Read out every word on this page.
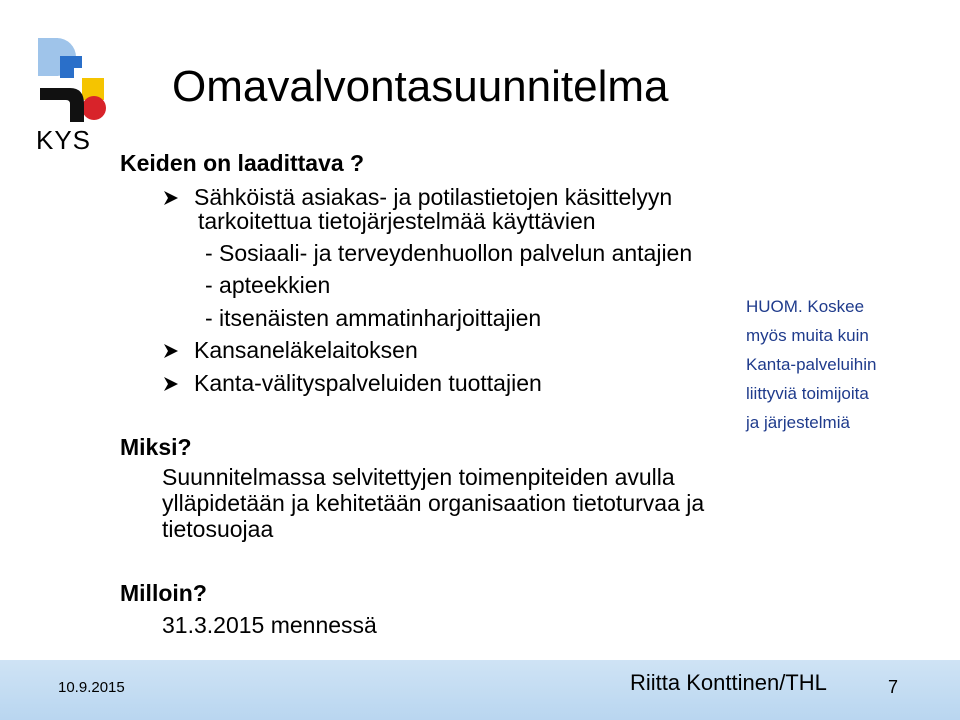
KYS
Omavalvontasuunnitelma
Keiden on laadittava ?
Sähköistä asiakas- ja potilastietojen käsittelyyn
tarkoitettua tietojärjestelmää käyttävien
- Sosiaali- ja terveydenhuollon palvelun antajien
- apteekkien
- itsenäisten ammatinharjoittajien
Kansaneläkelaitoksen
Kanta-välityspalveluiden tuottajien
HUOM. Koskee
myös muita kuin
Kanta-palveluihin
liittyviä toimijoita
ja järjestelmiä
Miksi?
Suunnitelmassa selvitettyjen toimenpiteiden avulla
ylläpidetään ja kehitetään organisaation tietoturvaa ja
tietosuojaa
Milloin?
31.3.2015 mennessä
10.9.2015	Riitta Konttinen/THL	7
